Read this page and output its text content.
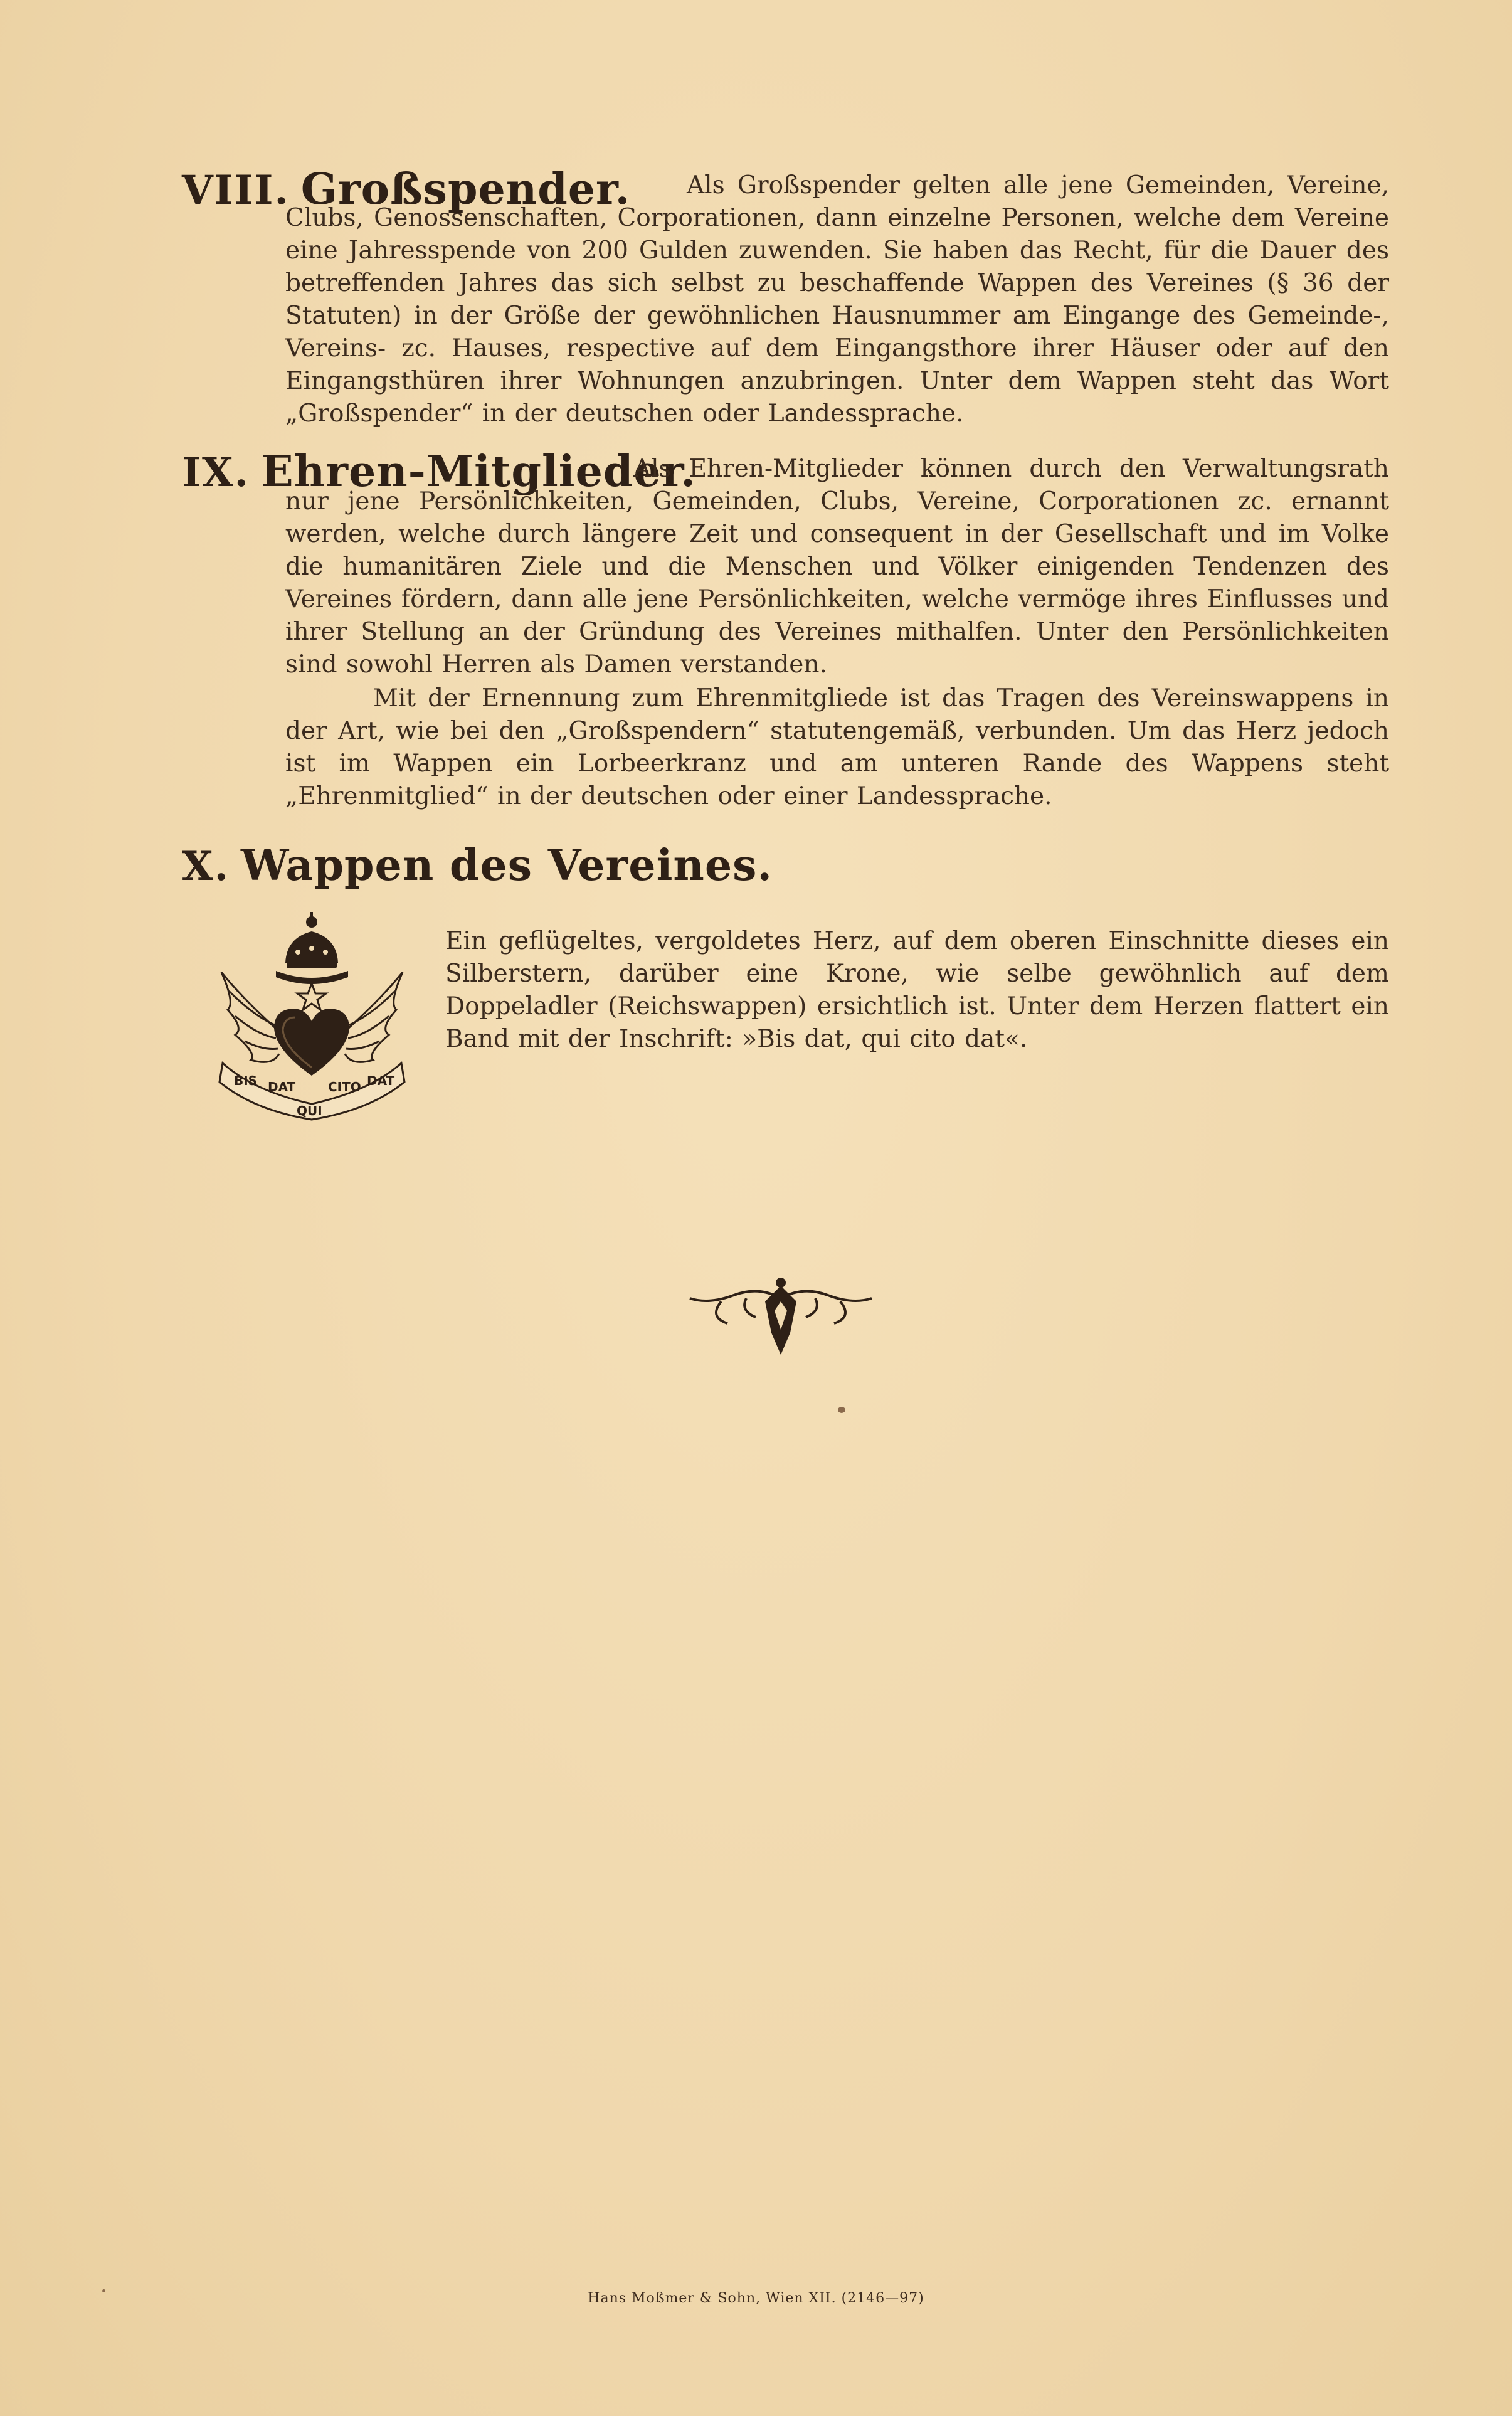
VIII. Großspender.	Als Großspender gelten alle jene Gemeinden, Vereine, Clubs, Genossenschaften, Corporationen, dann einzelne Personen, welche dem Vereine eine Jahresspende von 200 Gulden zuwenden. Sie haben das Recht, für die Dauer des betreffenden Jahres das sich selbst zu beschaffende Wappen des Vereines (§ 36 der Statuten) in der Größe der gewöhnlichen Hausnummer am Eingange des Gemeinde-, Vereins- zc. Hauses, respective auf dem Eingangsthore ihrer Häuser oder auf den Eingangsthüren ihrer Wohnungen anzubringen. Unter dem Wappen steht das Wort „Großspender“ in der deutschen oder Landessprache.
IX. Ehren-Mitglieder.
Als Ehren-Mitglieder können durch den Verwaltungsrath nur jene Persönlichkeiten, Gemeinden, Clubs, Vereine, Corporationen zc. ernannt werden, welche durch längere Zeit und consequent in der Gesellschaft und im Volke die humanitären Ziele und die Menschen und Völker einigenden Tendenzen des Vereines fördern, dann alle jene Persönlichkeiten, welche vermöge ihres Einflusses und ihrer Stellung an der Gründung des Vereines mithalfen. Unter den Persönlichkeiten sind sowohl Herren als Damen verstanden.
Mit der Ernennung zum Ehrenmitgliede ist das Tragen des Vereinswappens in der Art, wie bei den „Großspendern“ statutengemäß, verbunden. Um das Herz jedoch ist im Wappen ein Lorbeerkranz und am unteren Rande des Wappens steht „Ehrenmitglied“ in der deutschen oder einer Landessprache.
X. Wappen des Vereines.
BIS DAT
QUI
CITO DAT
Ein geflügeltes, vergoldetes Herz, auf dem oberen Einschnitte dieses ein Silberstern, darüber eine Krone, wie selbe gewöhnlich auf dem Doppeladler (Reichswappen) ersichtlich ist. Unter dem Herzen flattert ein Band mit der Inschrift: »Bis dat, qui cito dat«.
Hans Moßmer & Sohn, Wien XII. (2146—97)
